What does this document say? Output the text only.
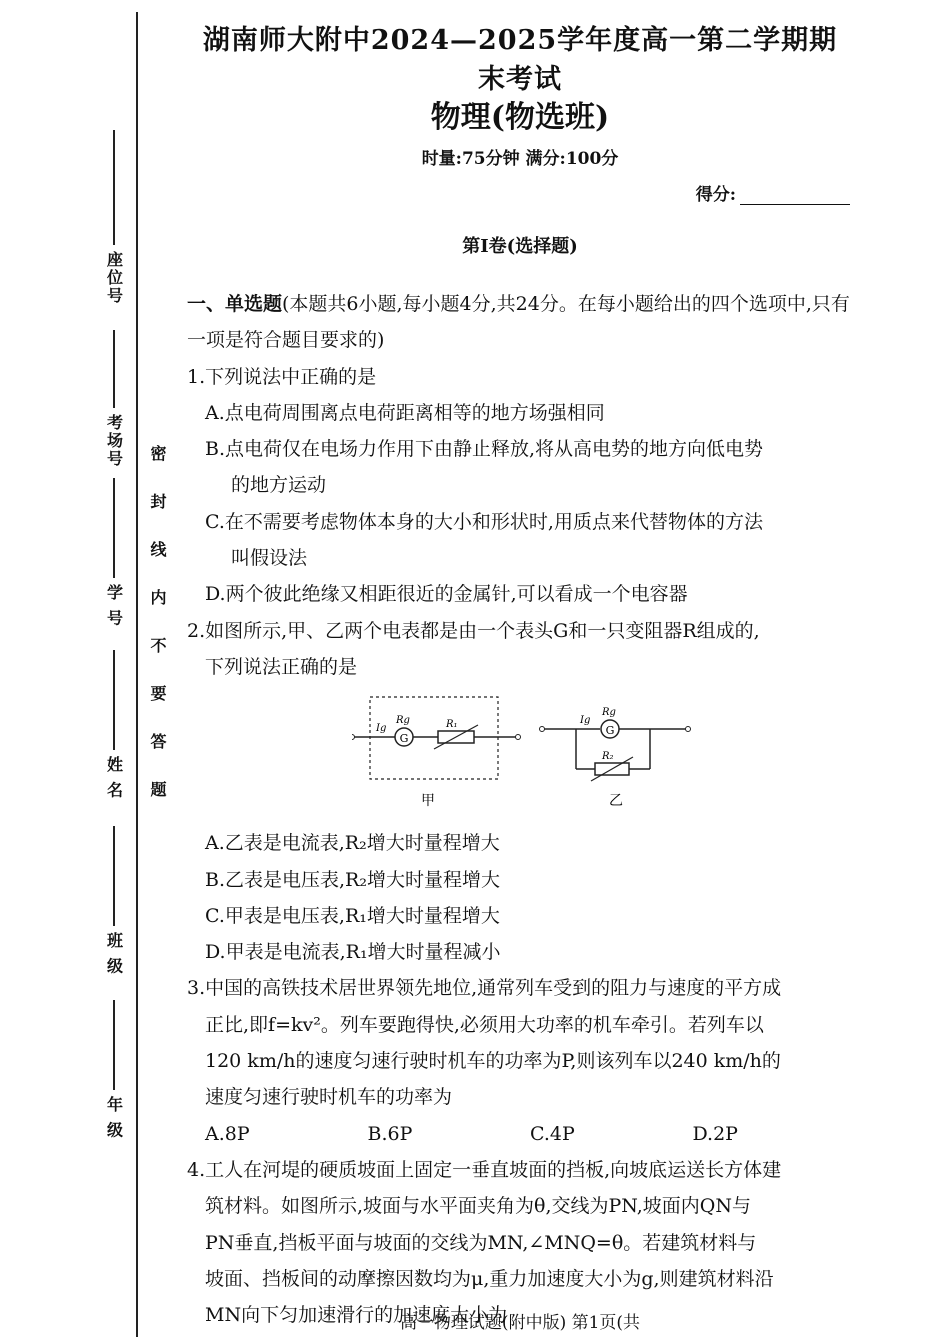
座位号
考场号
学 号
姓 名
班 级
年 级
密封线内不要答题
湖南师大附中2024—2025学年度高一第二学期期末考试
物理(物选班)
时量:75分钟 满分:100分
得分:
第Ⅰ卷(选择题)

一、单选题(本题共6小题,每小题4分,共24分。在每小题给出的四个选项中,只有一项是符合题目要求的)

1.下列说法中正确的是

A.点电荷周围离点电荷距离相等的地方场强相同

B.点电荷仅在电场力作用下由静止释放,将从高电势的地方向低电势

的地方运动

C.在不需要考虑物体本身的大小和形状时,用质点来代替物体的方法

叫假设法

D.两个彼此绝缘又相距很近的金属针,可以看成一个电容器

2.如图所示,甲、乙两个电表都是由一个表头G和一只变阻器R组成的,

下列说法正确的是

G
Ig
Rg	R₁
甲
G
Ig
Rg
R₂
乙

A.乙表是电流表,R₂增大时量程增大

B.乙表是电压表,R₂增大时量程增大

C.甲表是电压表,R₁增大时量程增大

D.甲表是电流表,R₁增大时量程减小

3.中国的高铁技术居世界领先地位,通常列车受到的阻力与速度的平方成

正比,即f=kv²。列车要跑得快,必须用大功率的机车牵引。若列车以

120 km/h的速度匀速行驶时机车的功率为P,则该列车以240 km/h的

速度匀速行驶时机车的功率为

A.8P	B.6P	C.4P	D.2P

4.工人在河堤的硬质坡面上固定一垂直坡面的挡板,向坡底运送长方体建

筑材料。如图所示,坡面与水平面夹角为θ,交线为PN,坡面内QN与

PN垂直,挡板平面与坡面的交线为MN,∠MNQ=θ。若建筑材料与

坡面、挡板间的动摩擦因数均为μ,重力加速度大小为g,则建筑材料沿

MN向下匀加速滑行的加速度大小为

高一物理试题(附中版) 第1页(共
